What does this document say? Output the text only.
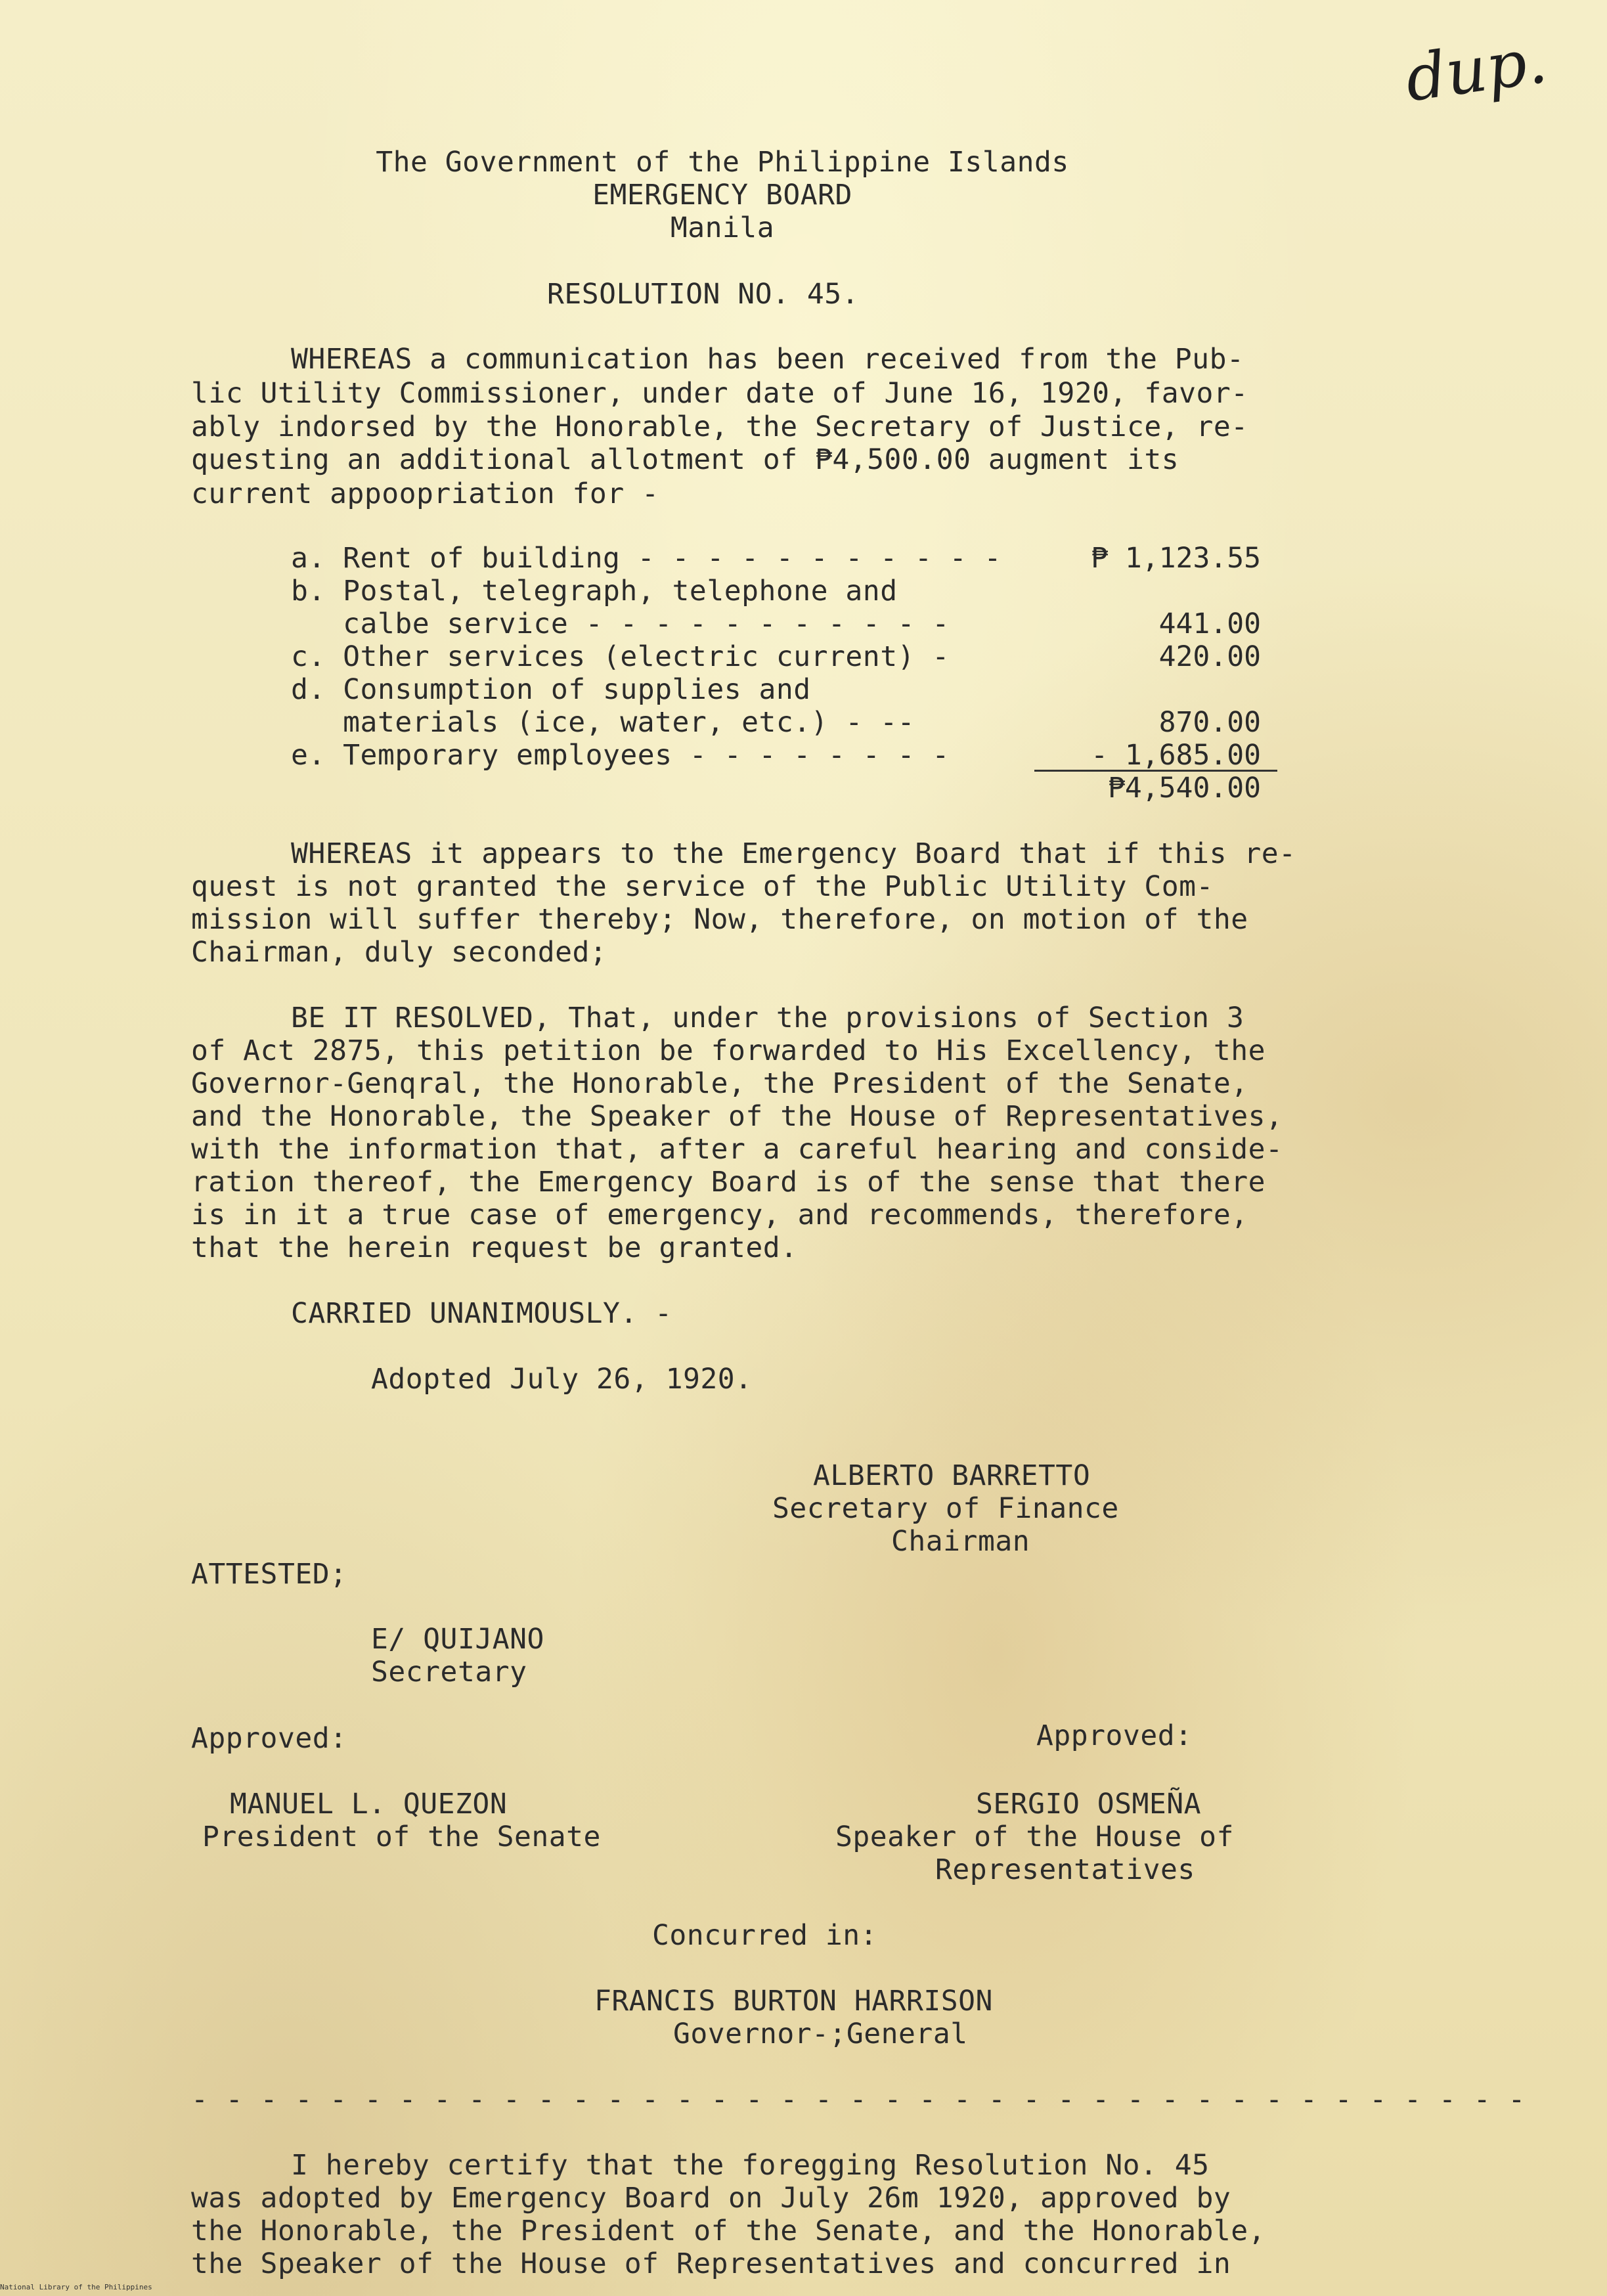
dup.
The Government of the Philippine Islands
EMERGENCY BOARD
Manila
RESOLUTION NO. 45.
WHEREAS a communication has been received from the Pub-
lic Utility Commissioner, under date of June 16, 1920, favor-
ably indorsed by the Honorable, the Secretary of Justice, re-
questing an additional allotment of ₱4,500.00 augment its
current appoopriation for -
a. Rent of building - - - - - - - - - - -	₱ 1,123.55
b. Postal, telegraph, telephone and
calbe service - - - - - - - - - - -	441.00
c. Other services (electric current) -	420.00
d. Consumption of supplies and
materials (ice, water, etc.) - --	870.00
e. Temporary employees - - - - - - - -	- 1,685.00
₱4,540.00
WHEREAS it appears to the Emergency Board that if this re-
quest is not granted the service of the Public Utility Com-
mission will suffer thereby; Now, therefore, on motion of the
Chairman, duly seconded;
BE IT RESOLVED, That, under the provisions of Section 3
of Act 2875, this petition be forwarded to His Excellency, the
Governor-Genqral, the Honorable, the President of the Senate,
and the Honorable, the Speaker of the House of Representatives,
with the information that, after a careful hearing and conside-
ration thereof, the Emergency Board is of the sense that there
is in it a true case of emergency, and recommends, therefore,
that the herein request be granted.
CARRIED UNANIMOUSLY. -
Adopted July 26, 1920.
ALBERTO BARRETTO
Secretary of Finance
Chairman
ATTESTED;
E/ QUIJANO
Secretary
Approved:	Approved:
MANUEL L. QUEZON
President of the Senate
SERGIO OSMEÑA
Speaker of the House of
Representatives
Concurred in:
FRANCIS BURTON HARRISON
Governor-;General
- - - - - - - - - - - - - - - - - - - - - - - - - - - - - - - - - - - - - - -
I hereby certify that the foregging Resolution No. 45
was adopted by Emergency Board on July 26m 1920, approved by
the Honorable, the President of the Senate, and the Honorable,
the Speaker of the House of Representatives and concurred in
National Library of the Philippines
